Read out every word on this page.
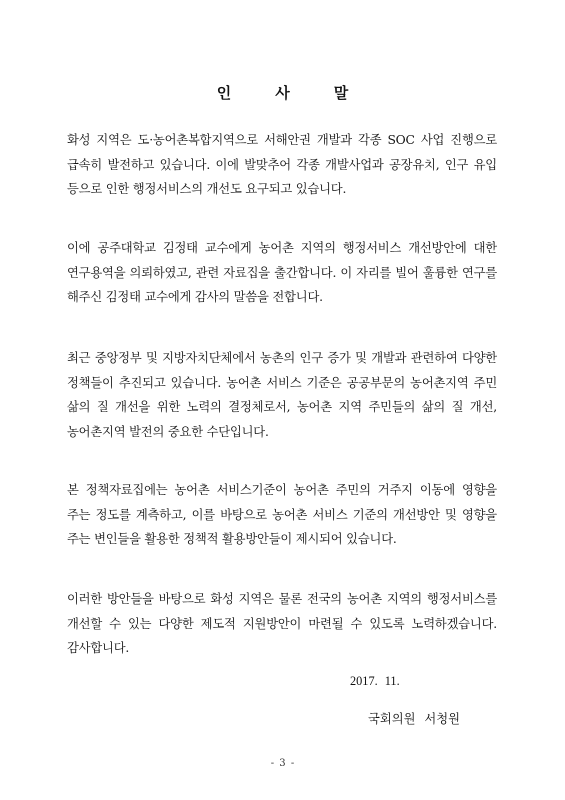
인	사	말
화성 지역은 도·농어촌복합지역으로 서해안권 개발과 각종 SOC 사업 진행으로 급속히 발전하고 있습니다. 이에 발맞추어 각종 개발사업과 공장유치, 인구 유입 등으로 인한 행정서비스의 개선도 요구되고 있습니다.
이에 공주대학교 김정태 교수에게 농어촌 지역의 행정서비스 개선방안에 대한 연구용역을 의뢰하였고, 관련 자료집을 출간합니다. 이 자리를 빌어 훌륭한 연구를 해주신 김정태 교수에게 감사의 말씀을 전합니다.
최근 중앙정부 및 지방자치단체에서 농촌의 인구 증가 및 개발과 관련하여 다양한 정책들이 추진되고 있습니다. 농어촌 서비스 기준은 공공부문의 농어촌지역 주민 삶의 질 개선을 위한 노력의 결정체로서, 농어촌 지역 주민들의 삶의 질 개선, 농어촌지역 발전의 중요한 수단입니다.
본 정책자료집에는 농어촌 서비스기준이 농어촌 주민의 거주지 이동에 영향을 주는 정도를 계측하고, 이를 바탕으로 농어촌 서비스 기준의 개선방안 및 영향을 주는 변인들을 활용한 정책적 활용방안들이 제시되어 있습니다.
이러한 방안들을 바탕으로 화성 지역은 물론 전국의 농어촌 지역의 행정서비스를 개선할 수 있는 다양한 제도적 지원방안이 마련될 수 있도록 노력하겠습니다. 감사합니다.
2017. 11.
국회의원 서청원
- 3 -
